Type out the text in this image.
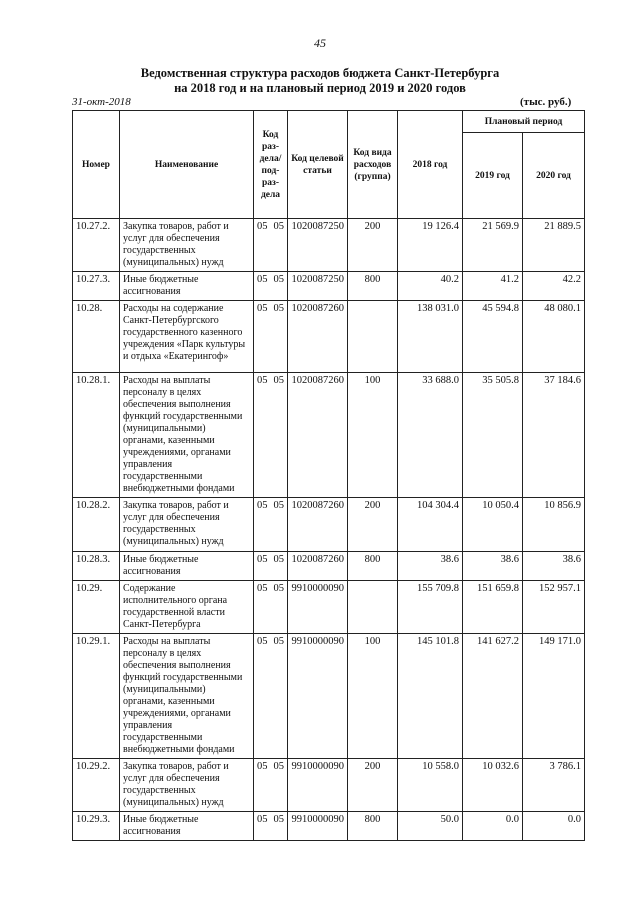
45
Ведомственная структура расходов бюджета Санкт-Петербурга
на 2018 год и на плановый период 2019 и 2020 годов
31-окт-2018	(тыс. руб.)
Номер	Наименование	Код раз-дела/ под-раз-дела	Код целевой статьи	Код вида расходов (группа)	2018 год	Плановый период	
						2019 год	2020 год
10.27.2.	Закупка товаров, работ и услуг для обеспечения государственных (муниципальных) нужд	05 05	1020087250	200	19 126.4	21 569.9	21 889.5
10.27.3.	Иные бюджетные ассигнования	05 05	1020087250	800	40.2	41.2	42.2
10.28.	Расходы на содержание Санкт-Петербургского государственного казенного учреждения «Парк культуры и отдыха «Екатерингоф»	05 05	1020087260		138 031.0	45 594.8	48 080.1
10.28.1.	Расходы на выплаты персоналу в целях обеспечения выполнения функций государственными (муниципальными) органами, казенными учреждениями, органами управления государственными внебюджетными фондами	05 05	1020087260	100	33 688.0	35 505.8	37 184.6
10.28.2.	Закупка товаров, работ и услуг для обеспечения государственных (муниципальных) нужд	05 05	1020087260	200	104 304.4	10 050.4	10 856.9
10.28.3.	Иные бюджетные ассигнования	05 05	1020087260	800	38.6	38.6	38.6
10.29.	Содержание исполнительного органа государственной власти Санкт-Петербурга	05 05	9910000090		155 709.8	151 659.8	152 957.1
10.29.1.	Расходы на выплаты персоналу в целях обеспечения выполнения функций государственными (муниципальными) органами, казенными учреждениями, органами управления государственными внебюджетными фондами	05 05	9910000090	100	145 101.8	141 627.2	149 171.0
10.29.2.	Закупка товаров, работ и услуг для обеспечения государственных (муниципальных) нужд	05 05	9910000090	200	10 558.0	10 032.6	3 786.1
10.29.3.	Иные бюджетные ассигнования	05 05	9910000090	800	50.0	0.0	0.0
